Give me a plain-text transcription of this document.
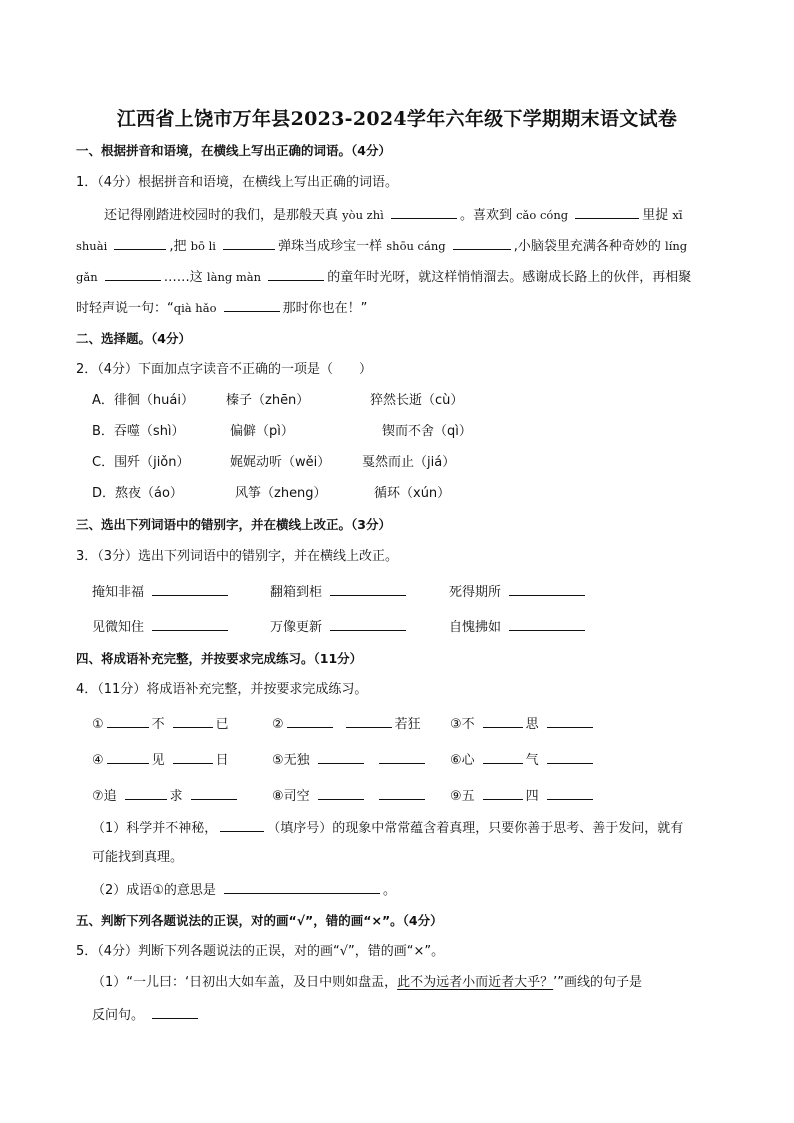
江西省上饶市万年县2023-2024学年六年级下学期期末语文试卷
一、根据拼音和语境，在横线上写出正确的词语。（4分）
1．（4分）根据拼音和语境，在横线上写出正确的词语。
还记得刚踏进校园时的我们，是那般天真 yòu zhì	。喜欢到 cǎo cóng	里捉 xī
shuài	,把 bō li	弹珠当成珍宝一样 shōu cáng	,小脑袋里充满各种奇妙的 líng
gǎn	……这 làng màn	的童年时光呀，就这样悄悄溜去。感谢成长路上的伙伴，再相聚
时轻声说一句：“qià hǎo	那时你也在！”
二、选择题。（4分）
2．（4分）下面加点字读音不正确的一项是（　　）
A．徘徊（huái） 榛子（zhēn）	猝然长逝（cù）
B．吞噬（shì）	偏僻（pì）	锲而不舍（qì）
C．围歼（jiǒn）	娓娓动听（wěi） 戛然而止（jiá）
D．熬夜（áo）	风筝（zheng）	循环（xún）
三、选出下列词语中的错别字，并在横线上改正。（3分）
3．（3分）选出下列词语中的错别字，并在横线上改正。
掩知非福	翻箱到柜	死得期所
见微知住	万像更新	自愧拂如
四、将成语补充完整，并按要求完成练习。（11分）
4．（11分）将成语补充完整，并按要求完成练习。
①	不	已	②	若狂 ③不	思
④	见	日	⑤无独	⑥心	气
⑦追	求	⑧司空	⑨五	四
（1）科学并不神秘，	（填序号）的现象中常常蕴含着真理，只要你善于思考、善于发问，就有
可能找到真理。
（2）成语①的意思是	。
五、判断下列各题说法的正误，对的画“√”，错的画“×”。（4分）
5．（4分）判断下列各题说法的正误，对的画“√”，错的画“×”。
（1）“一儿曰：‘日初出大如车盖，及日中则如盘盂，此不为远者小而近者大乎？’”画线的句子是
反问句。
